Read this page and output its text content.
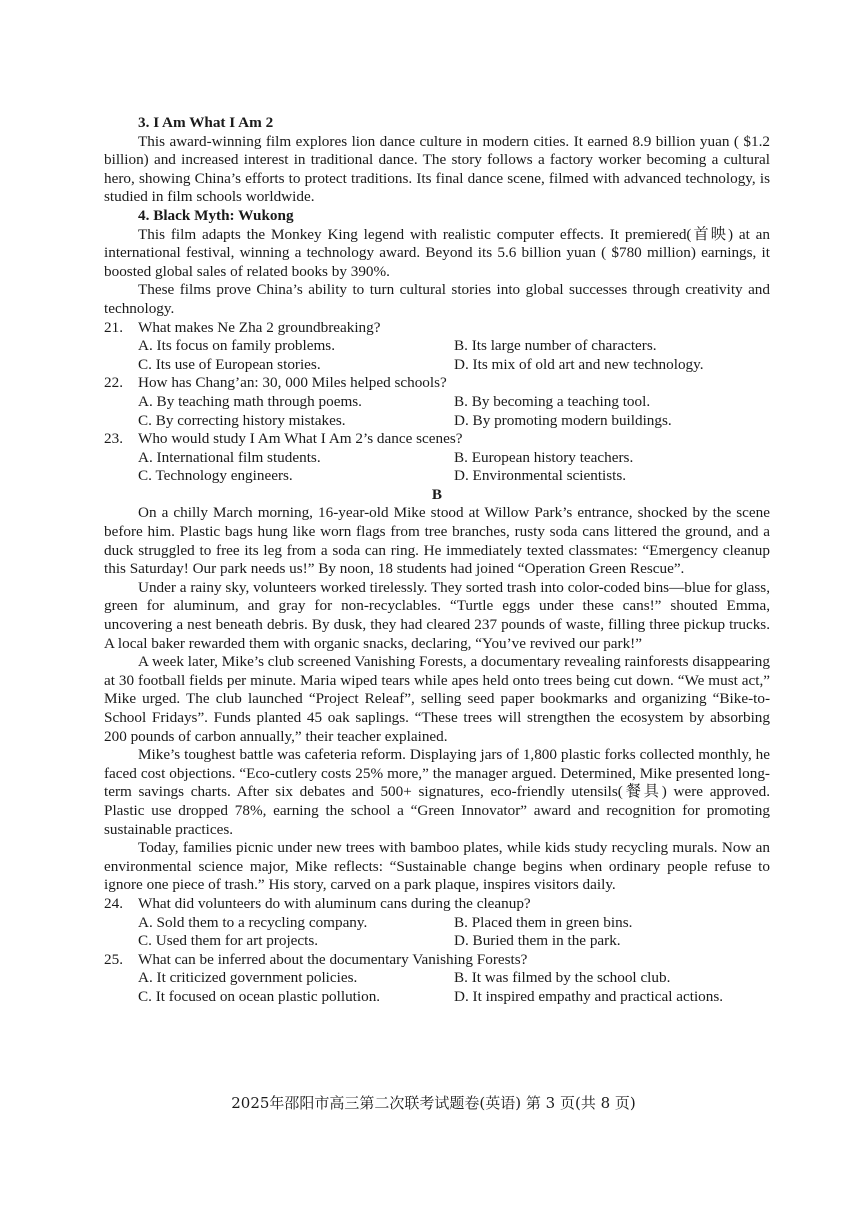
3. I Am What I Am 2

This award-winning film explores lion dance culture in modern cities. It earned 8.9 billion yuan ( $1.2 billion) and increased interest in traditional dance. The story follows a factory worker becoming a cultural hero, showing China’s efforts to protect traditions. Its final dance scene, filmed with advanced technology, is studied in film schools worldwide.

4. Black Myth: Wukong

This film adapts the Monkey King legend with realistic computer effects. It premiered(首映) at an international festival, winning a technology award. Beyond its 5.6 billion yuan ( $780 million) earnings, it boosted global sales of related books by 390%.

These films prove China’s ability to turn cultural stories into global successes through creativity and technology.

21. What makes Ne Zha 2 groundbreaking?

A. Its focus on family problems.	B. Its large number of characters.
C. Its use of European stories.	D. Its mix of old art and new technology.

22. How has Chang’an: 30, 000 Miles helped schools?

A. By teaching math through poems.	B. By becoming a teaching tool.
C. By correcting history mistakes.	D. By promoting modern buildings.

23. Who would study I Am What I Am 2’s dance scenes?

A. International film students.	B. European history teachers.
C. Technology engineers.	D. Environmental scientists.

B

On a chilly March morning, 16-year-old Mike stood at Willow Park’s entrance, shocked by the scene before him. Plastic bags hung like worn flags from tree branches, rusty soda cans littered the ground, and a duck struggled to free its leg from a soda can ring. He immediately texted classmates: “Emergency cleanup this Saturday! Our park needs us!” By noon, 18 students had joined “Operation Green Rescue”.

Under a rainy sky, volunteers worked tirelessly. They sorted trash into color-coded bins—blue for glass, green for aluminum, and gray for non-recyclables. “Turtle eggs under these cans!” shouted Emma, uncovering a nest beneath debris. By dusk, they had cleared 237 pounds of waste, filling three pickup trucks. A local baker rewarded them with organic snacks, declaring, “You’ve revived our park!”

A week later, Mike’s club screened Vanishing Forests, a documentary revealing rainforests disappearing at 30 football fields per minute. Maria wiped tears while apes held onto trees being cut down. “We must act,” Mike urged. The club launched “Project Releaf”, selling seed paper bookmarks and organizing “Bike-to-School Fridays”. Funds planted 45 oak saplings. “These trees will strengthen the ecosystem by absorbing 200 pounds of carbon annually,” their teacher explained.

Mike’s toughest battle was cafeteria reform. Displaying jars of 1,800 plastic forks collected monthly, he faced cost objections. “Eco-cutlery costs 25% more,” the manager argued. Determined, Mike presented long-term savings charts. After six debates and 500+ signatures, eco-friendly utensils(餐具) were approved. Plastic use dropped 78%, earning the school a “Green Innovator” award and recognition for promoting sustainable practices.

Today, families picnic under new trees with bamboo plates, while kids study recycling murals. Now an environmental science major, Mike reflects: “Sustainable change begins when ordinary people refuse to ignore one piece of trash.” His story, carved on a park plaque, inspires visitors daily.

24. What did volunteers do with aluminum cans during the cleanup?

A. Sold them to a recycling company.	B. Placed them in green bins.
C. Used them for art projects.	D. Buried them in the park.

25. What can be inferred about the documentary Vanishing Forests?

A. It criticized government policies.	B. It was filmed by the school club.
C. It focused on ocean plastic pollution.	D. It inspired empathy and practical actions.
2025年邵阳市高三第二次联考试题卷(英语) 第 3 页(共 8 页)
